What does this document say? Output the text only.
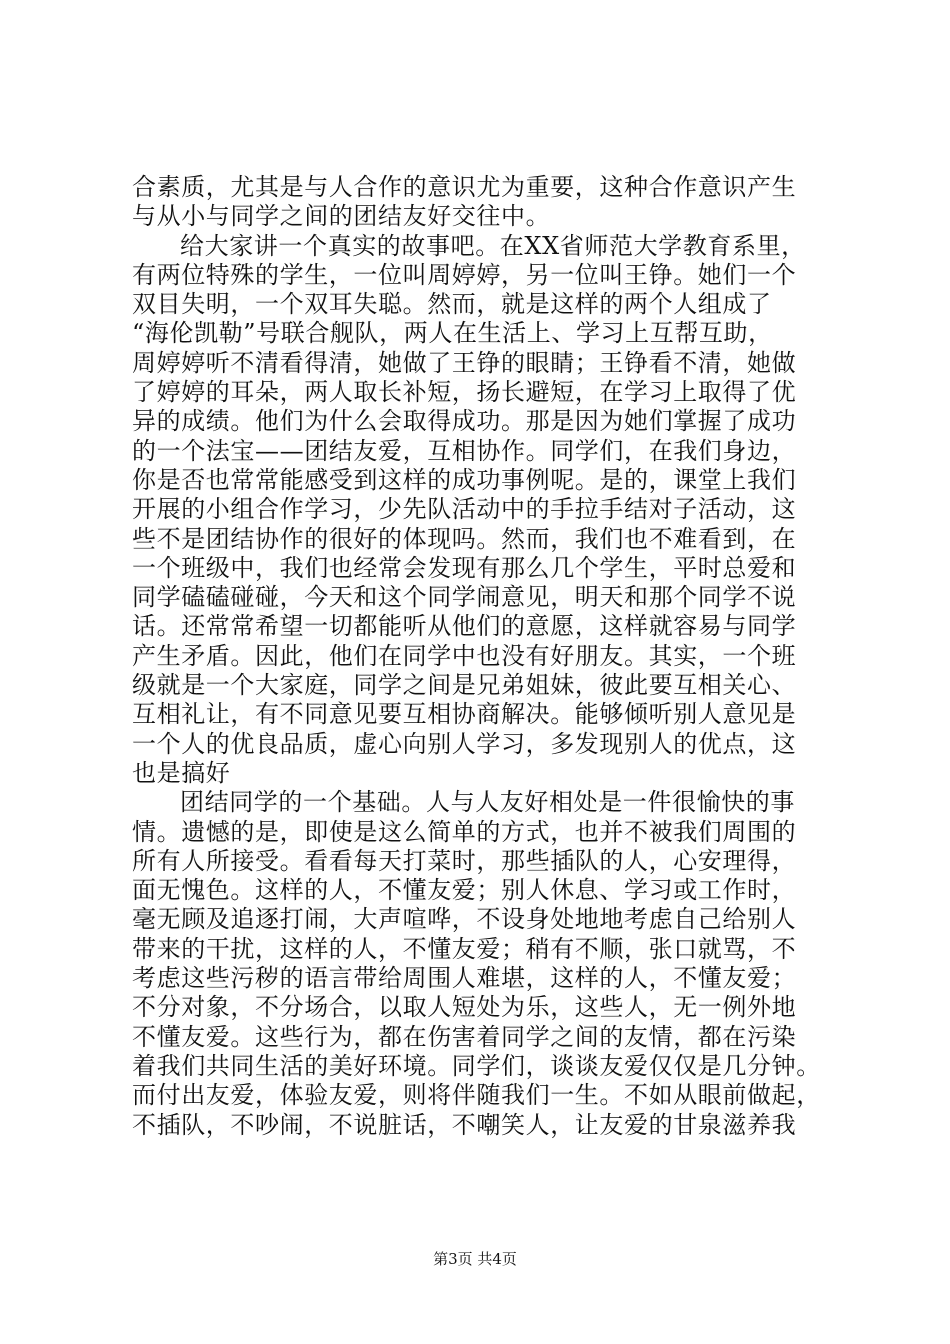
合素质，尤其是与人合作的意识尤为重要，这种合作意识产生
与从小与同学之间的团结友好交往中。
给大家讲一个真实的故事吧。在XX省师范大学教育系里，
有两位特殊的学生，一位叫周婷婷，另一位叫王铮。她们一个
双目失明，一个双耳失聪。然而，就是这样的两个人组成了
“海伦凯勒”号联合舰队，两人在生活上、学习上互帮互助，
周婷婷听不清看得清，她做了王铮的眼睛；王铮看不清，她做
了婷婷的耳朵，两人取长补短，扬长避短，在学习上取得了优
异的成绩。他们为什么会取得成功。那是因为她们掌握了成功
的一个法宝——团结友爱，互相协作。同学们，在我们身边，
你是否也常常能感受到这样的成功事例呢。是的，课堂上我们
开展的小组合作学习，少先队活动中的手拉手结对子活动，这
些不是团结协作的很好的体现吗。然而，我们也不难看到，在
一个班级中，我们也经常会发现有那么几个学生，平时总爱和
同学磕磕碰碰，今天和这个同学闹意见，明天和那个同学不说
话。还常常希望一切都能听从他们的意愿，这样就容易与同学
产生矛盾。因此，他们在同学中也没有好朋友。其实，一个班
级就是一个大家庭，同学之间是兄弟姐妹，彼此要互相关心、
互相礼让，有不同意见要互相协商解决。能够倾听别人意见是
一个人的优良品质，虚心向别人学习，多发现别人的优点，这
也是搞好
团结同学的一个基础。人与人友好相处是一件很愉快的事
情。遗憾的是，即使是这么简单的方式，也并不被我们周围的
所有人所接受。看看每天打菜时，那些插队的人，心安理得，
面无愧色。这样的人，不懂友爱；别人休息、学习或工作时，
毫无顾及追逐打闹，大声喧哗，不设身处地地考虑自己给别人
带来的干扰，这样的人，不懂友爱；稍有不顺，张口就骂，不
考虑这些污秽的语言带给周围人难堪，这样的人，不懂友爱；
不分对象，不分场合，以取人短处为乐，这些人，无一例外地
不懂友爱。这些行为，都在伤害着同学之间的友情，都在污染
着我们共同生活的美好环境。同学们，谈谈友爱仅仅是几分钟。
而付出友爱，体验友爱，则将伴随我们一生。不如从眼前做起，
不插队，不吵闹，不说脏话，不嘲笑人，让友爱的甘泉滋养我
第3页 共4页
